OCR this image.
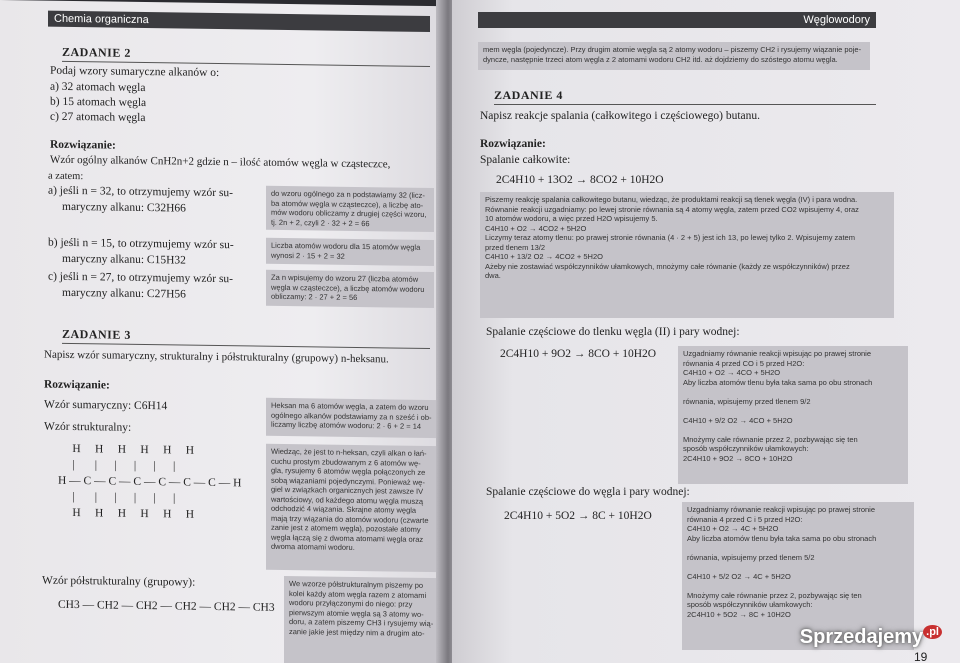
Chemia organiczna
ZADANIE 2
Podaj wzory sumaryczne alkanów o:
a) 32 atomach węgla
b) 15 atomach węgla
c) 27 atomach węgla
Rozwiązanie:
Wzór ogólny alkanów CnH2n+2 gdzie n – ilość atomów węgla w cząsteczce,
a zatem:
a) jeśli n = 32, to otrzymujemy wzór su-
maryczny alkanu: C32H66
b) jeśli n = 15, to otrzymujemy wzór su-
maryczny alkanu: C15H32
c) jeśli n = 27, to otrzymujemy wzór su-
maryczny alkanu: C27H56
do wzoru ogólnego za n podstawiamy 32 (licz-
ba atomów węgla w cząsteczce), a liczbę ato-
mów wodoru obliczamy z drugiej części wzoru,
tj. 2n + 2, czyli 2 · 32 + 2 = 66
Liczba atomów wodoru dla 15 atomów węgla
wynosi 2 · 15 + 2 = 32
Za n wpisujemy do wzoru 27 (liczba atomów
węgla w cząsteczce), a liczbę atomów wodoru
obliczamy: 2 · 27 + 2 = 56
ZADANIE 3
Napisz wzór sumaryczny, strukturalny i półstrukturalny (grupowy) n-heksanu.
Rozwiązanie:
Wzór sumaryczny: C6H14
Wzór strukturalny:
H     H     H     H     H     H
|       |      |      |      |      |
H — C — C — C — C — C — C — H
|       |      |      |      |      |
H     H     H     H     H     H
Wzór półstrukturalny (grupowy):
CH3 — CH2 — CH2 — CH2 — CH2 — CH3
Heksan ma 6 atomów węgla, a zatem do wzoru
ogólnego alkanów podstawiamy za n sześć i ob-
liczamy liczbę atomów wodoru: 2 · 6 + 2 = 14
Wiedząc, że jest to n-heksan, czyli alkan o łań-
cuchu prostym zbudowanym z 6 atomów wę-
gla, rysujemy 6 atomów węgla połączonych ze
sobą wiązaniami pojedynczymi. Ponieważ wę-
giel w związkach organicznych jest zawsze IV
wartościowy, od każdego atomu węgla muszą
odchodzić 4 wiązania. Skrajne atomy węgla
mają trzy wiązania do atomów wodoru (czwarte
zanie jest z atomem węgla), pozostałe atomy
węgla łączą się z dwoma atomami węgla oraz
dwoma atomami wodoru.
We wzorze półstrukturalnym piszemy po
kolei każdy atom węgla razem z atomami
wodoru przyłączonymi do niego: przy
pierwszym atomie węgla są 3 atomy wo-
doru, a zatem piszemy CH3 i rysujemy wią-
zanie jakie jest między nim a drugim ato-
Węglowodory
mem węgla (pojedyncze). Przy drugim atomie węgla są 2 atomy wodoru – piszemy CH2 i rysujemy wiązanie poje-
dyncze, następnie trzeci atom węgla z 2 atomami wodoru CH2 itd. aż dojdziemy do szóstego atomu węgla.
ZADANIE 4
Napisz reakcje spalania (całkowitego i częściowego) butanu.
Rozwiązanie:
Spalanie całkowite:
2C4H10 + 13O2 → 8CO2 + 10H2O
Piszemy reakcję spalania całkowitego butanu, wiedząc, że produktami reakcji są tlenek węgla (IV) i para wodna.
Równanie reakcji uzgadniamy: po lewej stronie równania są 4 atomy węgla, zatem przed CO2 wpisujemy 4, oraz
10 atomów wodoru, a więc przed H2O wpisujemy 5.
C4H10 + O2 → 4CO2 + 5H2O
Liczymy teraz atomy tlenu: po prawej stronie równania (4 · 2 + 5) jest ich 13, po lewej tylko 2. Wpisujemy zatem
przed tlenem 13/2
C4H10 + 13/2 O2 → 4CO2 + 5H2O
Ażeby nie zostawiać współczynników ułamkowych, mnożymy całe równanie (każdy ze współczynników) przez
dwa.
Spalanie częściowe do tlenku węgla (II) i pary wodnej:
2C4H10 + 9O2 → 8CO + 10H2O	Uzgadniamy równanie reakcji wpisując po prawej stronie
równania 4 przed CO i 5 przed H2O:
C4H10 + O2 → 4CO + 5H2O
Aby liczba atomów tlenu była taka sama po obu stronach

równania, wpisujemy przed tlenem 9/2

C4H10 + 9/2 O2 → 4CO + 5H2O

Mnożymy całe równanie przez 2, pozbywając się ten
sposób współczynników ułamkowych:
2C4H10 + 9O2 → 8CO + 10H2O
Spalanie częściowe do węgla i pary wodnej:
2C4H10 + 5O2 → 8C + 10H2O
Uzgadniamy równanie reakcji wpisując po prawej stronie
równania 4 przed C i 5 przed H2O:
C4H10 + O2 → 4C + 5H2O
Aby liczba atomów tlenu była taka sama po obu stronach

równania, wpisujemy przed tlenem 5/2

C4H10 + 5/2 O2 → 4C + 5H2O

Mnożymy całe równanie przez 2, pozbywając się ten
sposób współczynników ułamkowych:
2C4H10 + 5O2 → 8C + 10H2O
19
Sprzedajemy $^{.pl}$
